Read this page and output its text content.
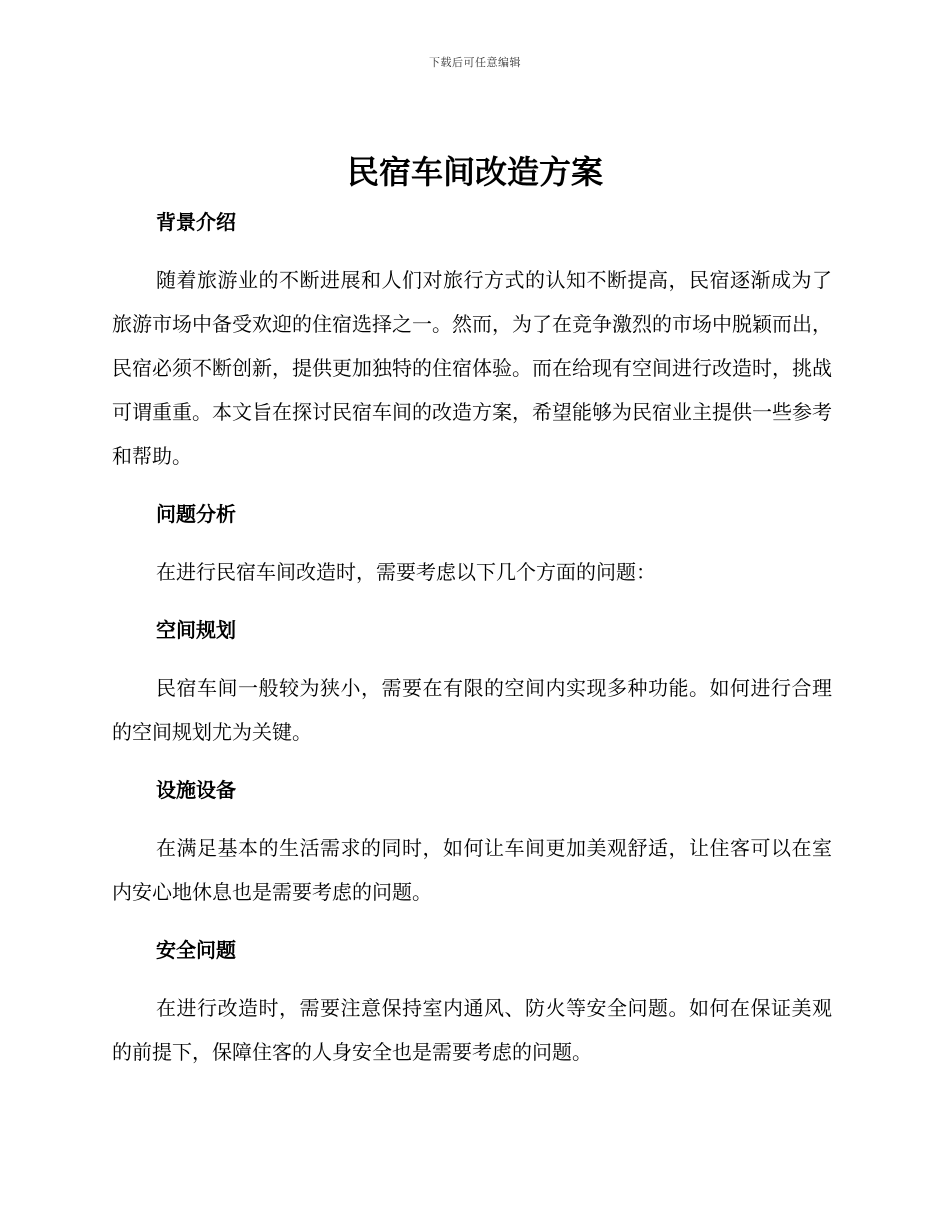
下载后可任意编辑
民宿车间改造方案
背景介绍

随着旅游业的不断进展和人们对旅行方式的认知不断提高，民宿逐渐成为了旅游市场中备受欢迎的住宿选择之一。然而，为了在竞争激烈的市场中脱颖而出，民宿必须不断创新，提供更加独特的住宿体验。而在给现有空间进行改造时，挑战可谓重重。本文旨在探讨民宿车间的改造方案，希望能够为民宿业主提供一些参考和帮助。

问题分析

在进行民宿车间改造时，需要考虑以下几个方面的问题：

空间规划

民宿车间一般较为狭小，需要在有限的空间内实现多种功能。如何进行合理的空间规划尤为关键。

设施设备

在满足基本的生活需求的同时，如何让车间更加美观舒适，让住客可以在室内安心地休息也是需要考虑的问题。

安全问题

在进行改造时，需要注意保持室内通风、防火等安全问题。如何在保证美观的前提下，保障住客的人身安全也是需要考虑的问题。
